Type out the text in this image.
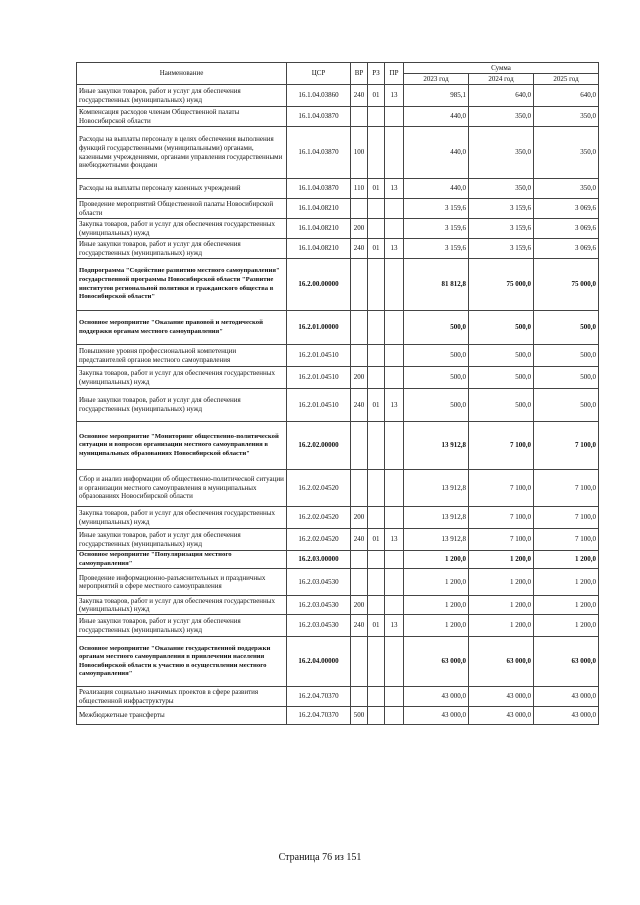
Наименование	ЦСР	ВР	РЗ	ПР	Сумма		
					2023 год	2024 год	2025 год
Иные закупки товаров, работ и услуг для обеспечения государственных (муниципальных) нужд	16.1.04.03860	240	01	13	985,1	640,0	640,0
Компенсация расходов членам Общественной палаты Новосибирской области	16.1.04.03870				440,0	350,0	350,0
Расходы на выплаты персоналу в целях обеспечения выполнения функций государственными (муниципальными) органами, казенными учреждениями, органами управления государственными внебюджетными фондами	16.1.04.03870	100			440,0	350,0	350,0
Расходы на выплаты персоналу казенных учреждений	16.1.04.03870	110	01	13	440,0	350,0	350,0
Проведение мероприятий Общественной палаты Новосибирской области	16.1.04.08210				3 159,6	3 159,6	3 069,6
Закупка товаров, работ и услуг для обеспечения государственных (муниципальных) нужд	16.1.04.08210	200			3 159,6	3 159,6	3 069,6
Иные закупки товаров, работ и услуг для обеспечения государственных (муниципальных) нужд	16.1.04.08210	240	01	13	3 159,6	3 159,6	3 069,6
Подпрограмма "Содействие развитию местного самоуправления" государственной программы Новосибирской области "Развитие институтов региональной политики и гражданского общества в Новосибирской области"	16.2.00.00000				81 812,8	75 000,0	75 000,0
Основное мероприятие "Оказание правовой и методической поддержки органам местного самоуправления"	16.2.01.00000				500,0	500,0	500,0
Повышение уровня профессиональной компетенции представителей органов местного самоуправления	16.2.01.04510				500,0	500,0	500,0
Закупка товаров, работ и услуг для обеспечения государственных (муниципальных) нужд	16.2.01.04510	200			500,0	500,0	500,0
Иные закупки товаров, работ и услуг для обеспечения государственных (муниципальных) нужд	16.2.01.04510	240	01	13	500,0	500,0	500,0
Основное мероприятие "Мониторинг общественно-политической ситуации и вопросов организации местного самоуправления в муниципальных образованиях Новосибирской области"	16.2.02.00000				13 912,8	7 100,0	7 100,0
Сбор и анализ информации об общественно-политической ситуации и организации местного самоуправления в муниципальных образованиях Новосибирской области	16.2.02.04520				13 912,8	7 100,0	7 100,0
Закупка товаров, работ и услуг для обеспечения государственных (муниципальных) нужд	16.2.02.04520	200			13 912,8	7 100,0	7 100,0
Иные закупки товаров, работ и услуг для обеспечения государственных (муниципальных) нужд	16.2.02.04520	240	01	13	13 912,8	7 100,0	7 100,0
Основное мероприятие "Популяризация местного самоуправления"	16.2.03.00000				1 200,0	1 200,0	1 200,0
Проведение информационно-разъяснительных и праздничных мероприятий в сфере местного самоуправления	16.2.03.04530				1 200,0	1 200,0	1 200,0
Закупка товаров, работ и услуг для обеспечения государственных (муниципальных) нужд	16.2.03.04530	200			1 200,0	1 200,0	1 200,0
Иные закупки товаров, работ и услуг для обеспечения государственных (муниципальных) нужд	16.2.03.04530	240	01	13	1 200,0	1 200,0	1 200,0
Основное мероприятие "Оказание государственной поддержки органам местного самоуправления в привлечении населения Новосибирской области к участию в осуществлении местного самоуправления"	16.2.04.00000				63 000,0	63 000,0	63 000,0
Реализация социально значимых проектов в сфере развития общественной инфраструктуры	16.2.04.70370				43 000,0	43 000,0	43 000,0
Межбюджетные трансферты	16.2.04.70370	500			43 000,0	43 000,0	43 000,0
Страница 76 из 151
